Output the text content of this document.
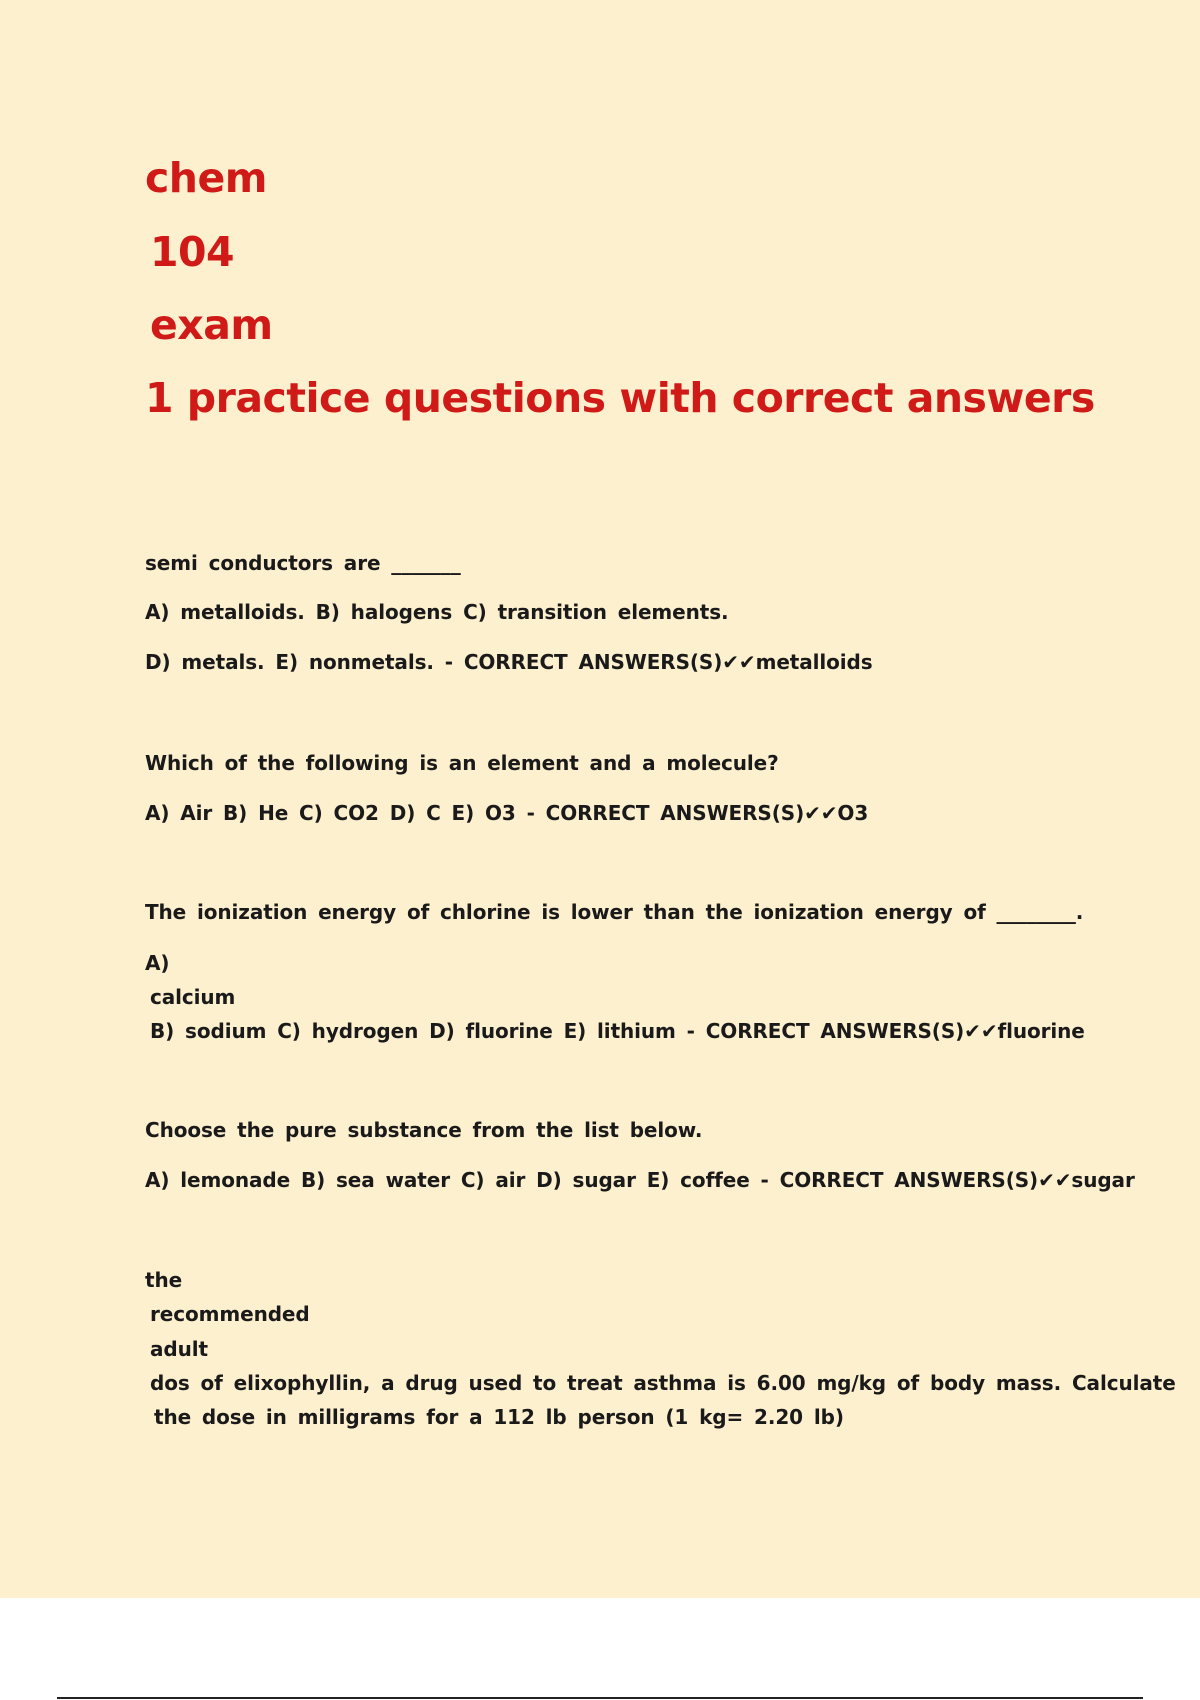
chem

104

exam

1 practice questions with correct answers

semi conductors are _______

A) metalloids. B) halogens C) transition elements.

D) metals. E) nonmetals. - CORRECT ANSWERS(S)✔✔metalloids

Which of the following is an element and a molecule?

A) Air B) He C) CO2 D) C E) O3 - CORRECT ANSWERS(S)✔✔O3

The ionization energy of chlorine is lower than the ionization energy of ________.

A)

calcium

B) sodium C) hydrogen D) fluorine E) lithium - CORRECT ANSWERS(S)✔✔fluorine

Choose the pure substance from the list below.

A) lemonade B) sea water C) air D) sugar E) coffee - CORRECT ANSWERS(S)✔✔sugar

the

recommended

adult

dos of elixophyllin, a drug used to treat asthma is 6.00 mg/kg of body mass. Calculate

the dose in milligrams for a 112 lb person (1 kg= 2.20 lb)
